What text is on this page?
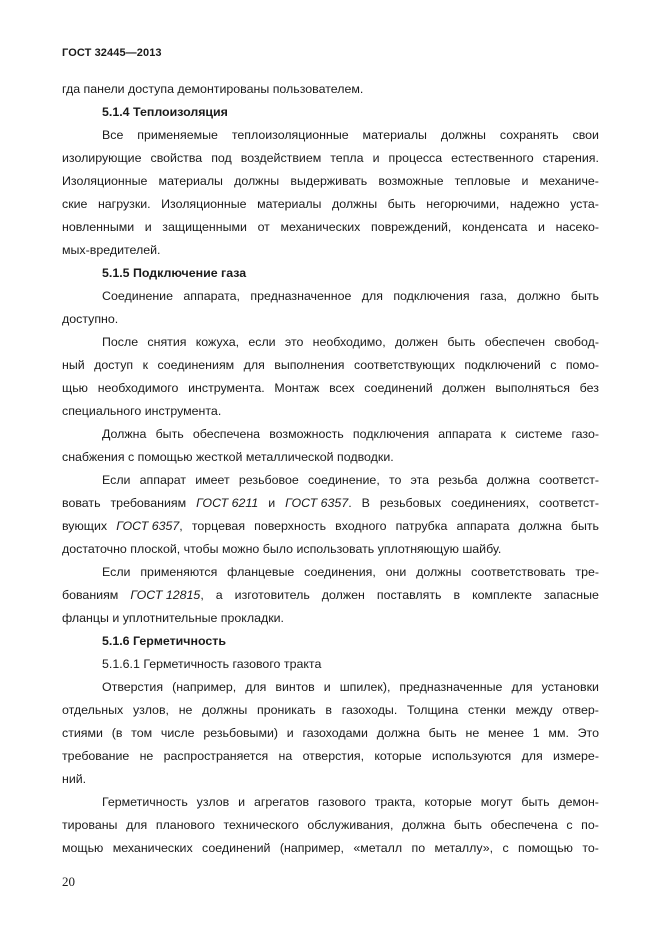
ГОСТ 32445—2013
гда панели доступа демонтированы пользователем.
5.1.4 Теплоизоляция
Все применяемые теплоизоляционные материалы должны сохранять свои
изолирующие свойства под воздействием тепла и процесса естественного старения.
Изоляционные материалы должны выдерживать возможные тепловые и механиче-
ские нагрузки. Изоляционные материалы должны быть негорючими, надежно уста-
новленными и защищенными от механических повреждений, конденсата и насеко-
мых-вредителей.
5.1.5 Подключение газа
Соединение аппарата, предназначенное для подключения газа, должно быть
доступно.
После снятия кожуха, если это необходимо, должен быть обеспечен свобод-
ный доступ к соединениям для выполнения соответствующих подключений с помо-
щью необходимого инструмента. Монтаж всех соединений должен выполняться без
специального инструмента.
Должна быть обеспечена возможность подключения аппарата к системе газо-
снабжения с помощью жесткой металлической подводки.
Если аппарат имеет резьбовое соединение, то эта резьба должна соответст-
вовать требованиям ГОСТ 6211 и ГОСТ 6357. В резьбовых соединениях, соответст-
вующих ГОСТ 6357, торцевая поверхность входного патрубка аппарата должна быть
достаточно плоской, чтобы можно было использовать уплотняющую шайбу.
Если применяются фланцевые соединения, они должны соответствовать тре-
бованиям ГОСТ 12815, а изготовитель должен поставлять в комплекте запасные
фланцы и уплотнительные прокладки.
5.1.6 Герметичность
5.1.6.1 Герметичность газового тракта
Отверстия (например, для винтов и шпилек), предназначенные для установки
отдельных узлов, не должны проникать в газоходы. Толщина стенки между отвер-
стиями (в том числе резьбовыми) и газоходами должна быть не менее 1 мм. Это
требование не распространяется на отверстия, которые используются для измере-
ний.
Герметичность узлов и агрегатов газового тракта, которые могут быть демон-
тированы для планового технического обслуживания, должна быть обеспечена с по-
мощью механических соединений (например, «металл по металлу», с помощью то-
20
